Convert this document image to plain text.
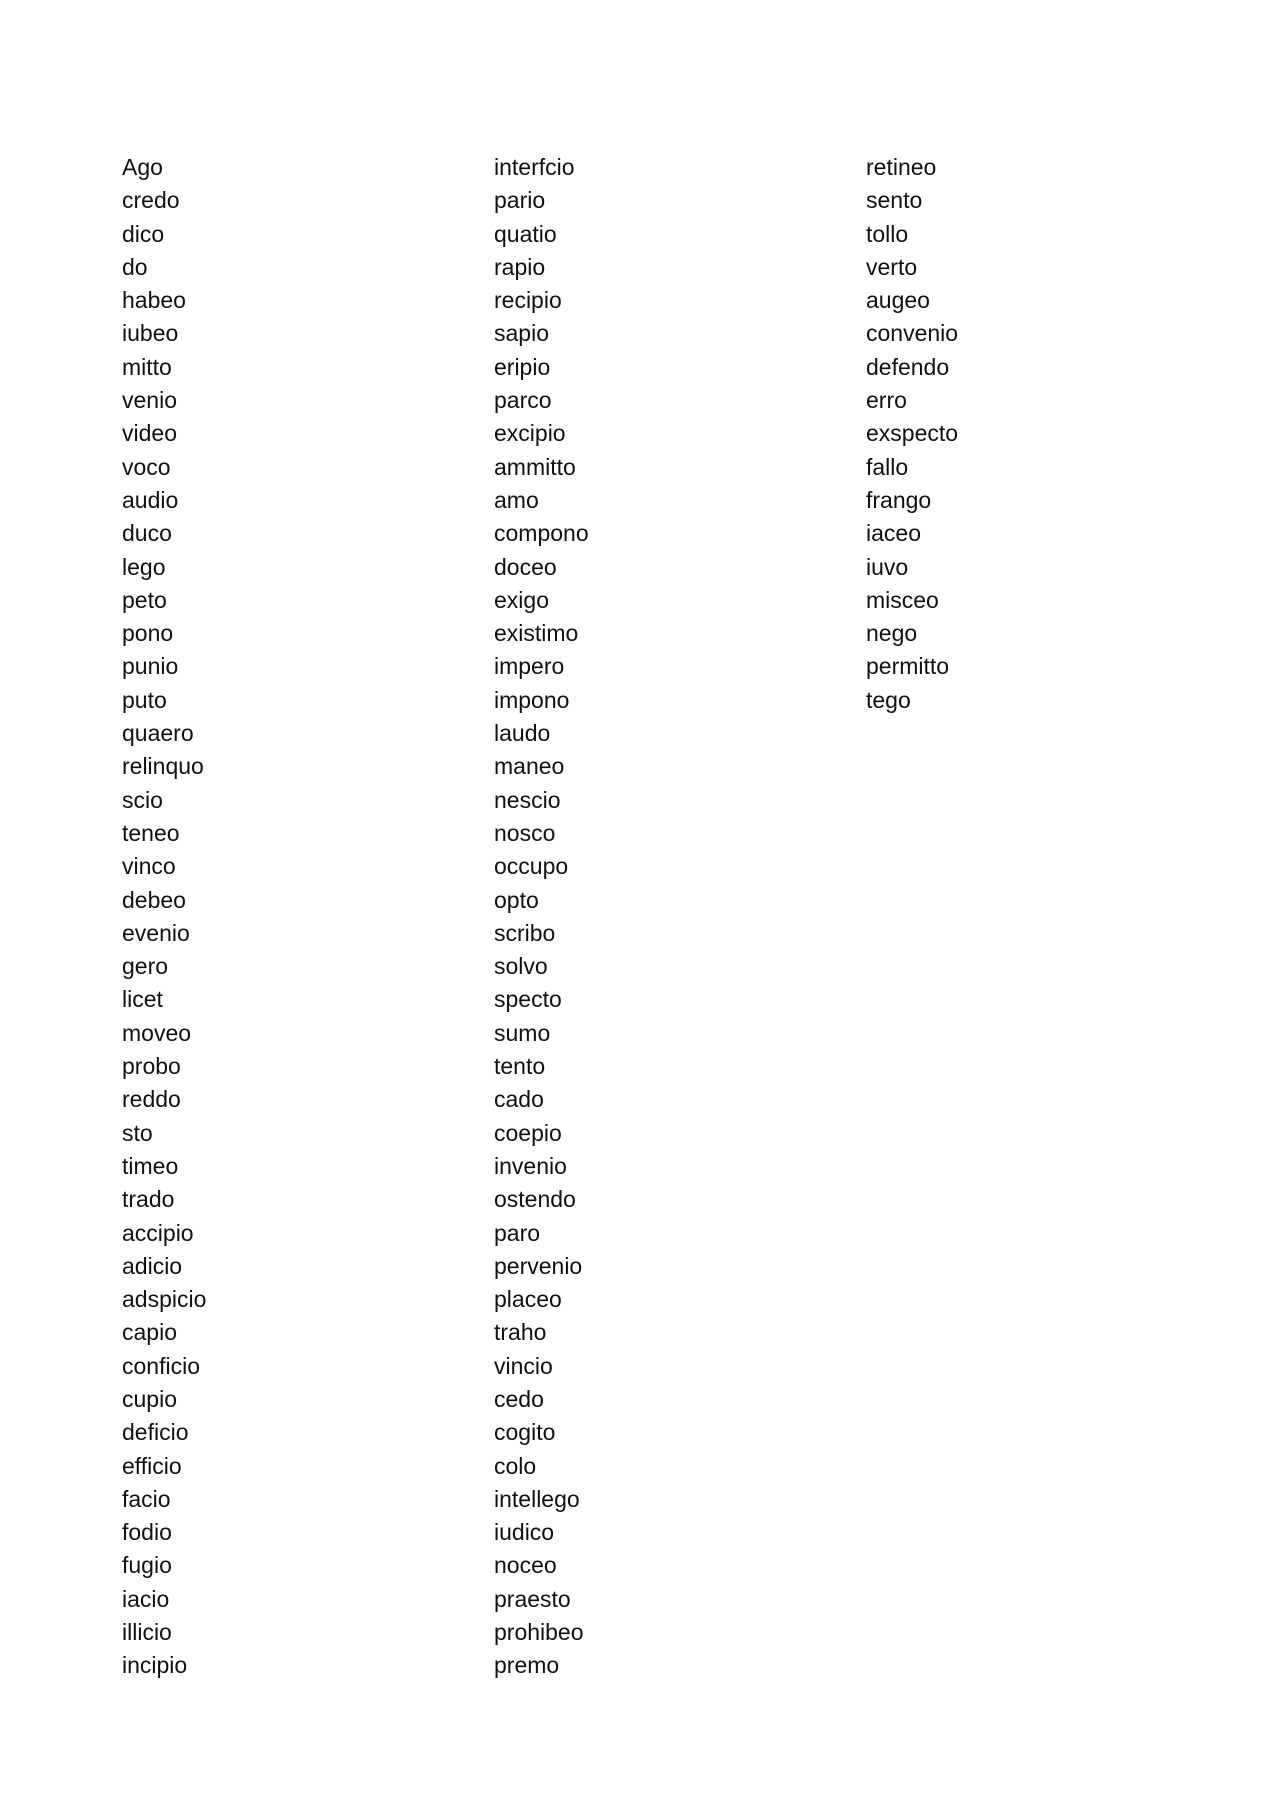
Ago
credo
dico
do
habeo
iubeo
mitto
venio
video
voco
audio
duco
lego
peto
pono
punio
puto
quaero
relinquo
scio
teneo
vinco
debeo
evenio
gero
licet
moveo
probo
reddo
sto
timeo
trado
accipio
adicio
adspicio
capio
conficio
cupio
deficio
efficio
facio
fodio
fugio
iacio
illicio
incipio
interfcio
pario
quatio
rapio
recipio
sapio
eripio
parco
excipio
ammitto
amo
compono
doceo
exigo
existimo
impero
impono
laudo
maneo
nescio
nosco
occupo
opto
scribo
solvo
specto
sumo
tento
cado
coepio
invenio
ostendo
paro
pervenio
placeo
traho
vincio
cedo
cogito
colo
intellego
iudico
noceo
praesto
prohibeo
premo
retineo
sento
tollo
verto
augeo
convenio
defendo
erro
exspecto
fallo
frango
iaceo
iuvo
misceo
nego
permitto
tego
